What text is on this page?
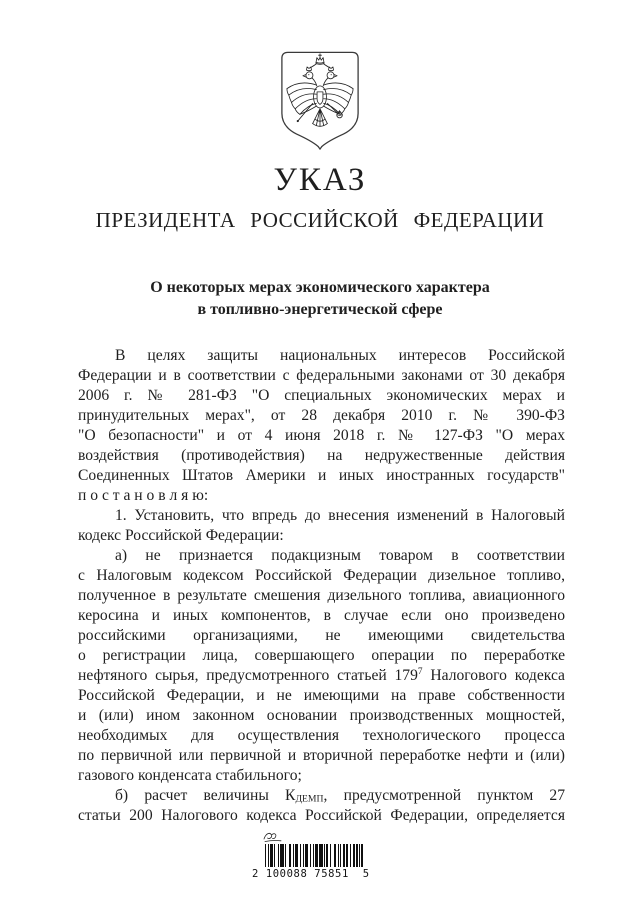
УКАЗ
ПРЕЗИДЕНТА РОССИЙСКОЙ ФЕДЕРАЦИИ
О некоторых мерах экономического характера
в топливно-энергетической сфере
В целях защиты национальных интересов Российской
Федерации и в соответствии с федеральными законами от 30 декабря
2006 г. № 281-ФЗ "О специальных экономических мерах и
принудительных мерах", от 28 декабря 2010 г. № 390-ФЗ
"О безопасности" и от 4 июня 2018 г. № 127-ФЗ "О мерах
воздействия (противодействия) на недружественные действия
Соединенных Штатов Америки и иных иностранных государств"
п о с т а н о в л я ю:
1. Установить, что впредь до внесения изменений в Налоговый
кодекс Российской Федерации:
а) не признается подакцизным товаром в соответствии
с Налоговым кодексом Российской Федерации дизельное топливо,
полученное в результате смешения дизельного топлива, авиационного
керосина и иных компонентов, в случае если оно произведено
российскими организациями, не имеющими свидетельства
о регистрации лица, совершающего операции по переработке
нефтяного сырья, предусмотренного статьей $179^7$ Налогового кодекса
Российской Федерации, и не имеющими на праве собственности
и (или) ином законном основании производственных мощностей,
необходимых для осуществления технологического процесса
по первичной или первичной и вторичной переработке нефти и (или)
газового конденсата стабильного;
б) расчет величины $К_{ДЕМП}$, предусмотренной пунктом 27
статьи 200 Налогового кодекса Российской Федерации, определяется
2 100088 75851  5
